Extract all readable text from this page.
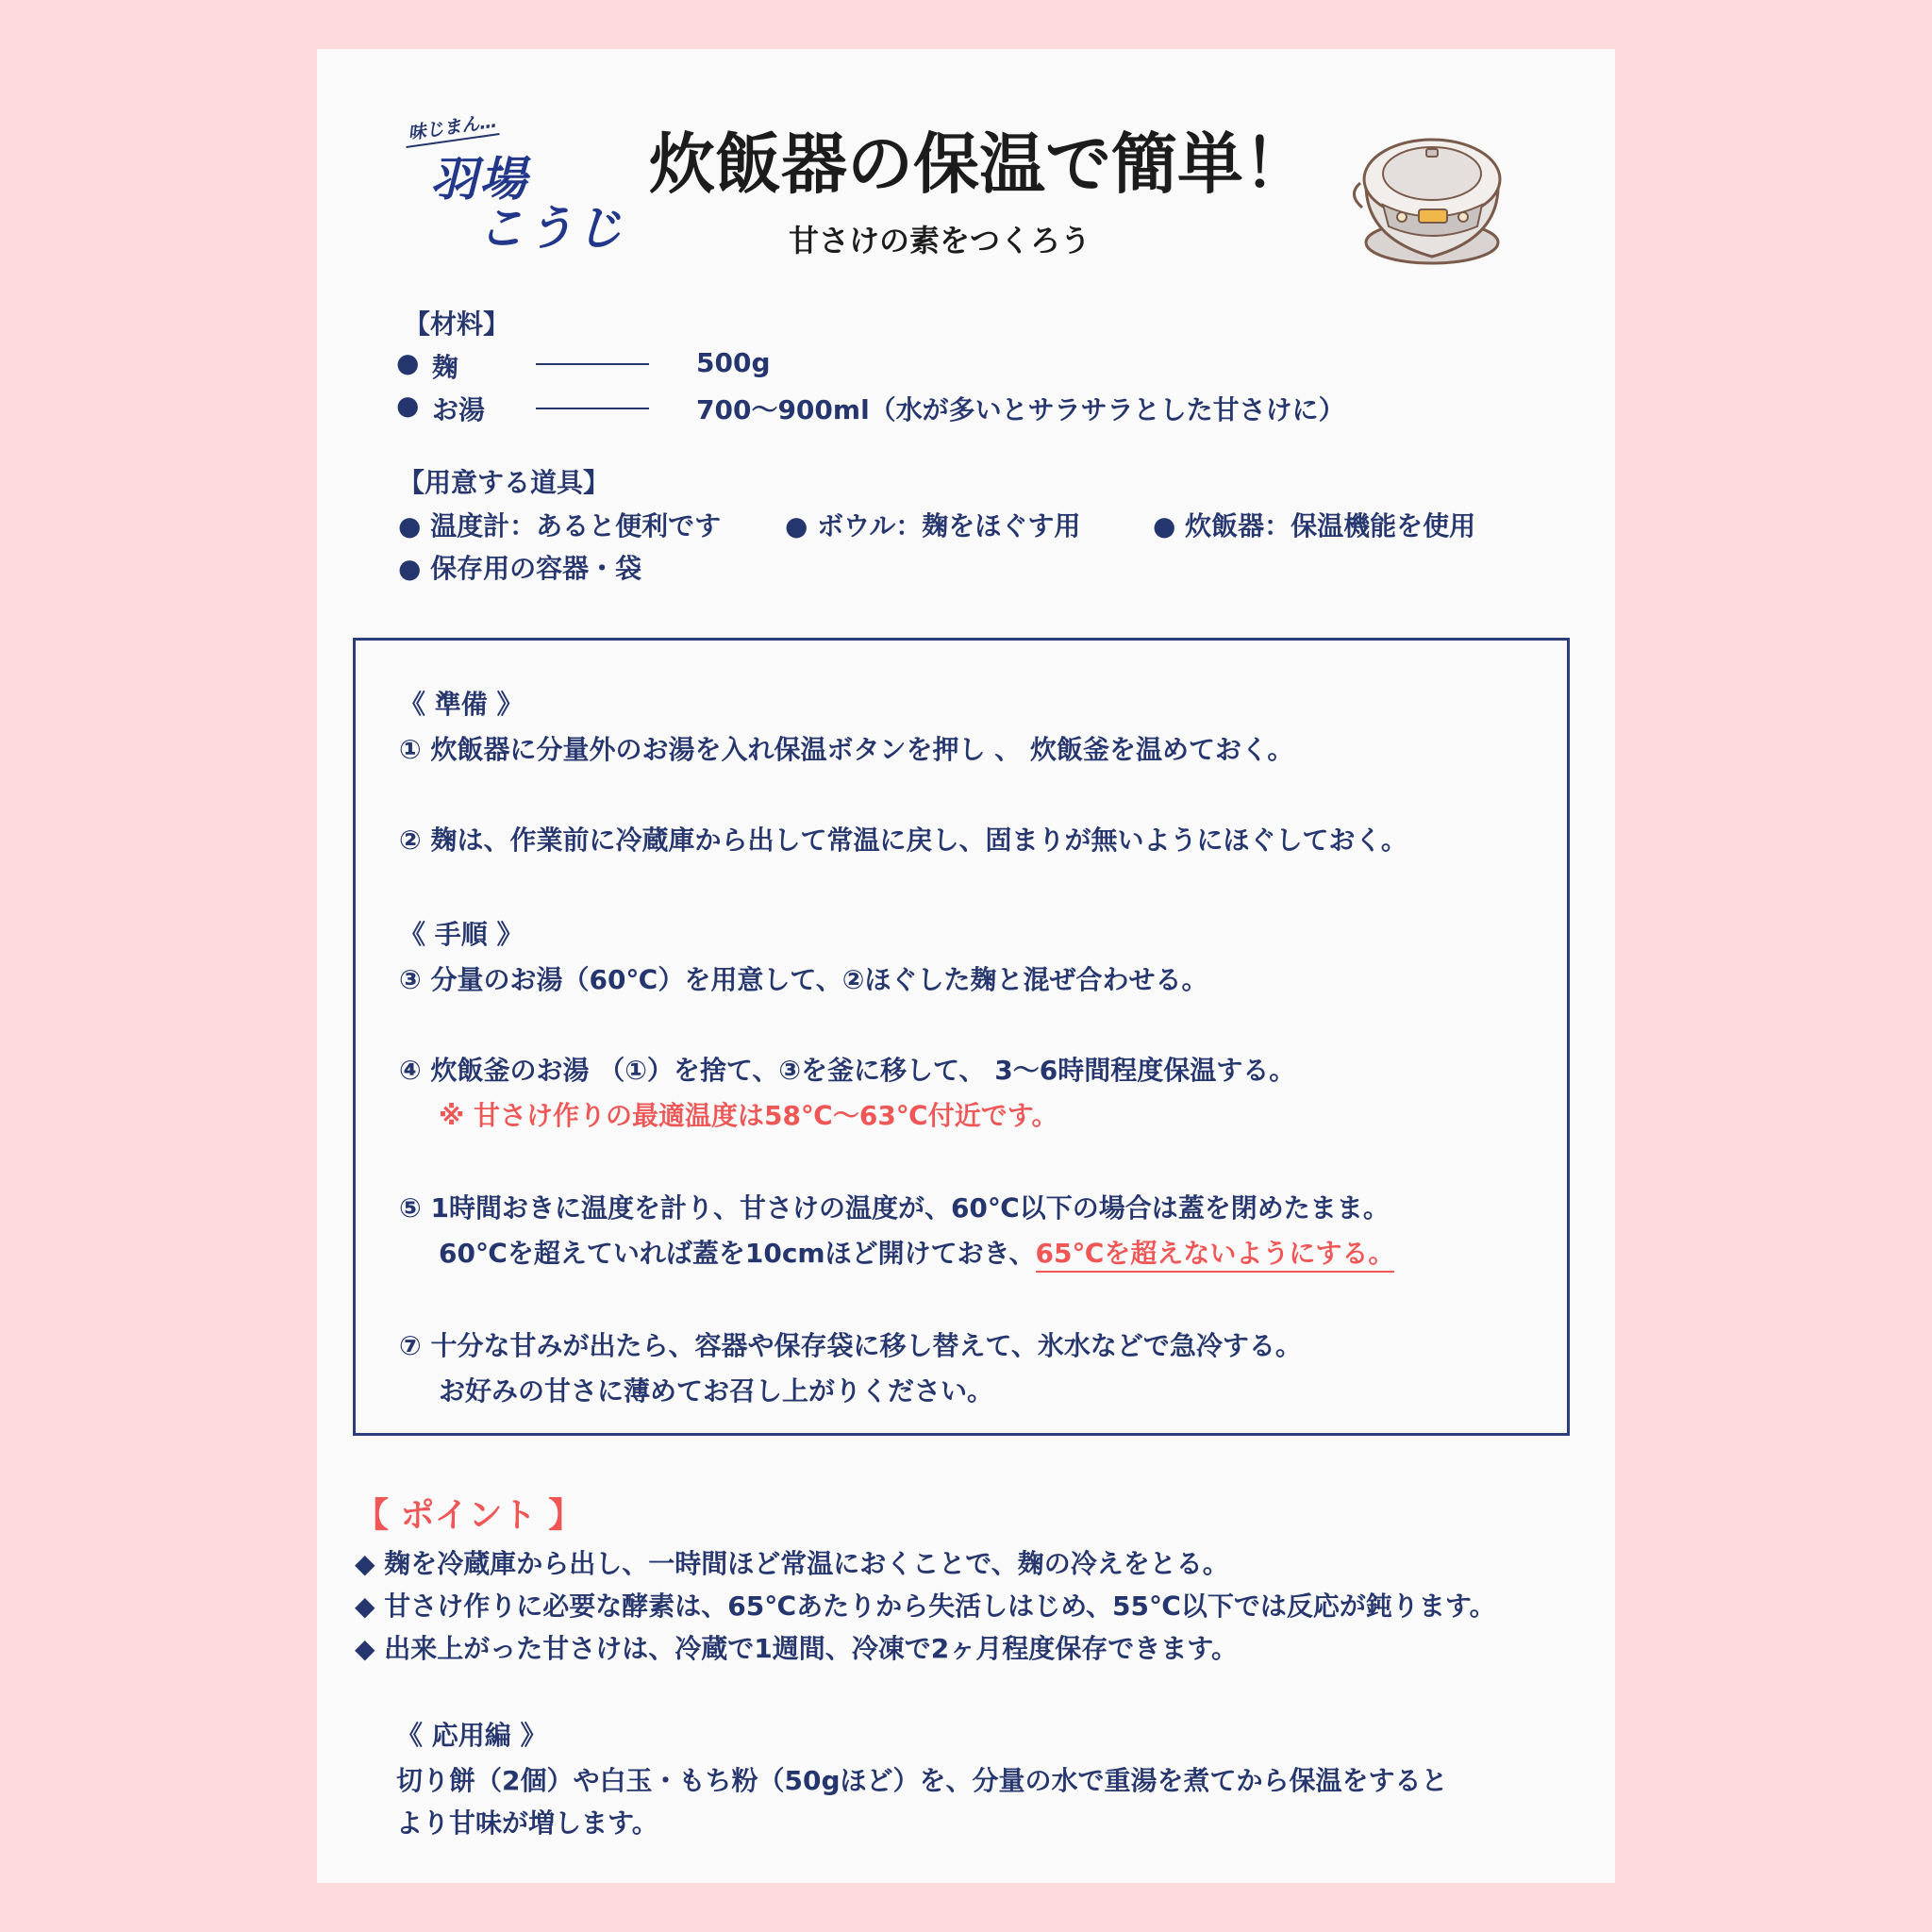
味じまん…
羽場
こうじ
炊飯器の保温で簡単！
甘さけの素をつくろう
【材料】
● 麹	500g
● お湯	700〜900ml（水が多いとサラサラとした甘さけに）
【用意する道具】
● 温度計：あると便利です ● ボウル：麹をほぐす用	● 炊飯器：保温機能を使用
● 保存用の容器・袋
《 準備 》
① 炊飯器に分量外のお湯を入れ保温ボタンを押し 、 炊飯釜を温めておく。
② 麹は、作業前に冷蔵庫から出して常温に戻し、固まりが無いようにほぐしておく。
《 手順 》
③ 分量のお湯（60℃）を用意して、②ほぐした麹と混ぜ合わせる。
④ 炊飯釜のお湯 （①）を捨て、③を釜に移して、 3〜6時間程度保温する。
※ 甘さけ作りの最適温度は58℃〜63℃付近です。
⑤ 1時間おきに温度を計り、甘さけの温度が、60℃以下の場合は蓋を閉めたまま。
60℃を超えていれば蓋を10cmほど開けておき、65℃を超えないようにする。
⑦ 十分な甘みが出たら、容器や保存袋に移し替えて、氷水などで急冷する。
お好みの甘さに薄めてお召し上がりください。
【 ポイント 】
◆ 麹を冷蔵庫から出し、一時間ほど常温におくことで、麹の冷えをとる。
◆ 甘さけ作りに必要な酵素は、65℃あたりから失活しはじめ、55℃以下では反応が鈍ります。
◆ 出来上がった甘さけは、冷蔵で1週間、冷凍で2ヶ月程度保存できます。
《 応用編 》
切り餅（2個）や白玉・もち粉（50gほど）を、分量の水で重湯を煮てから保温をすると
より甘味が増します。
